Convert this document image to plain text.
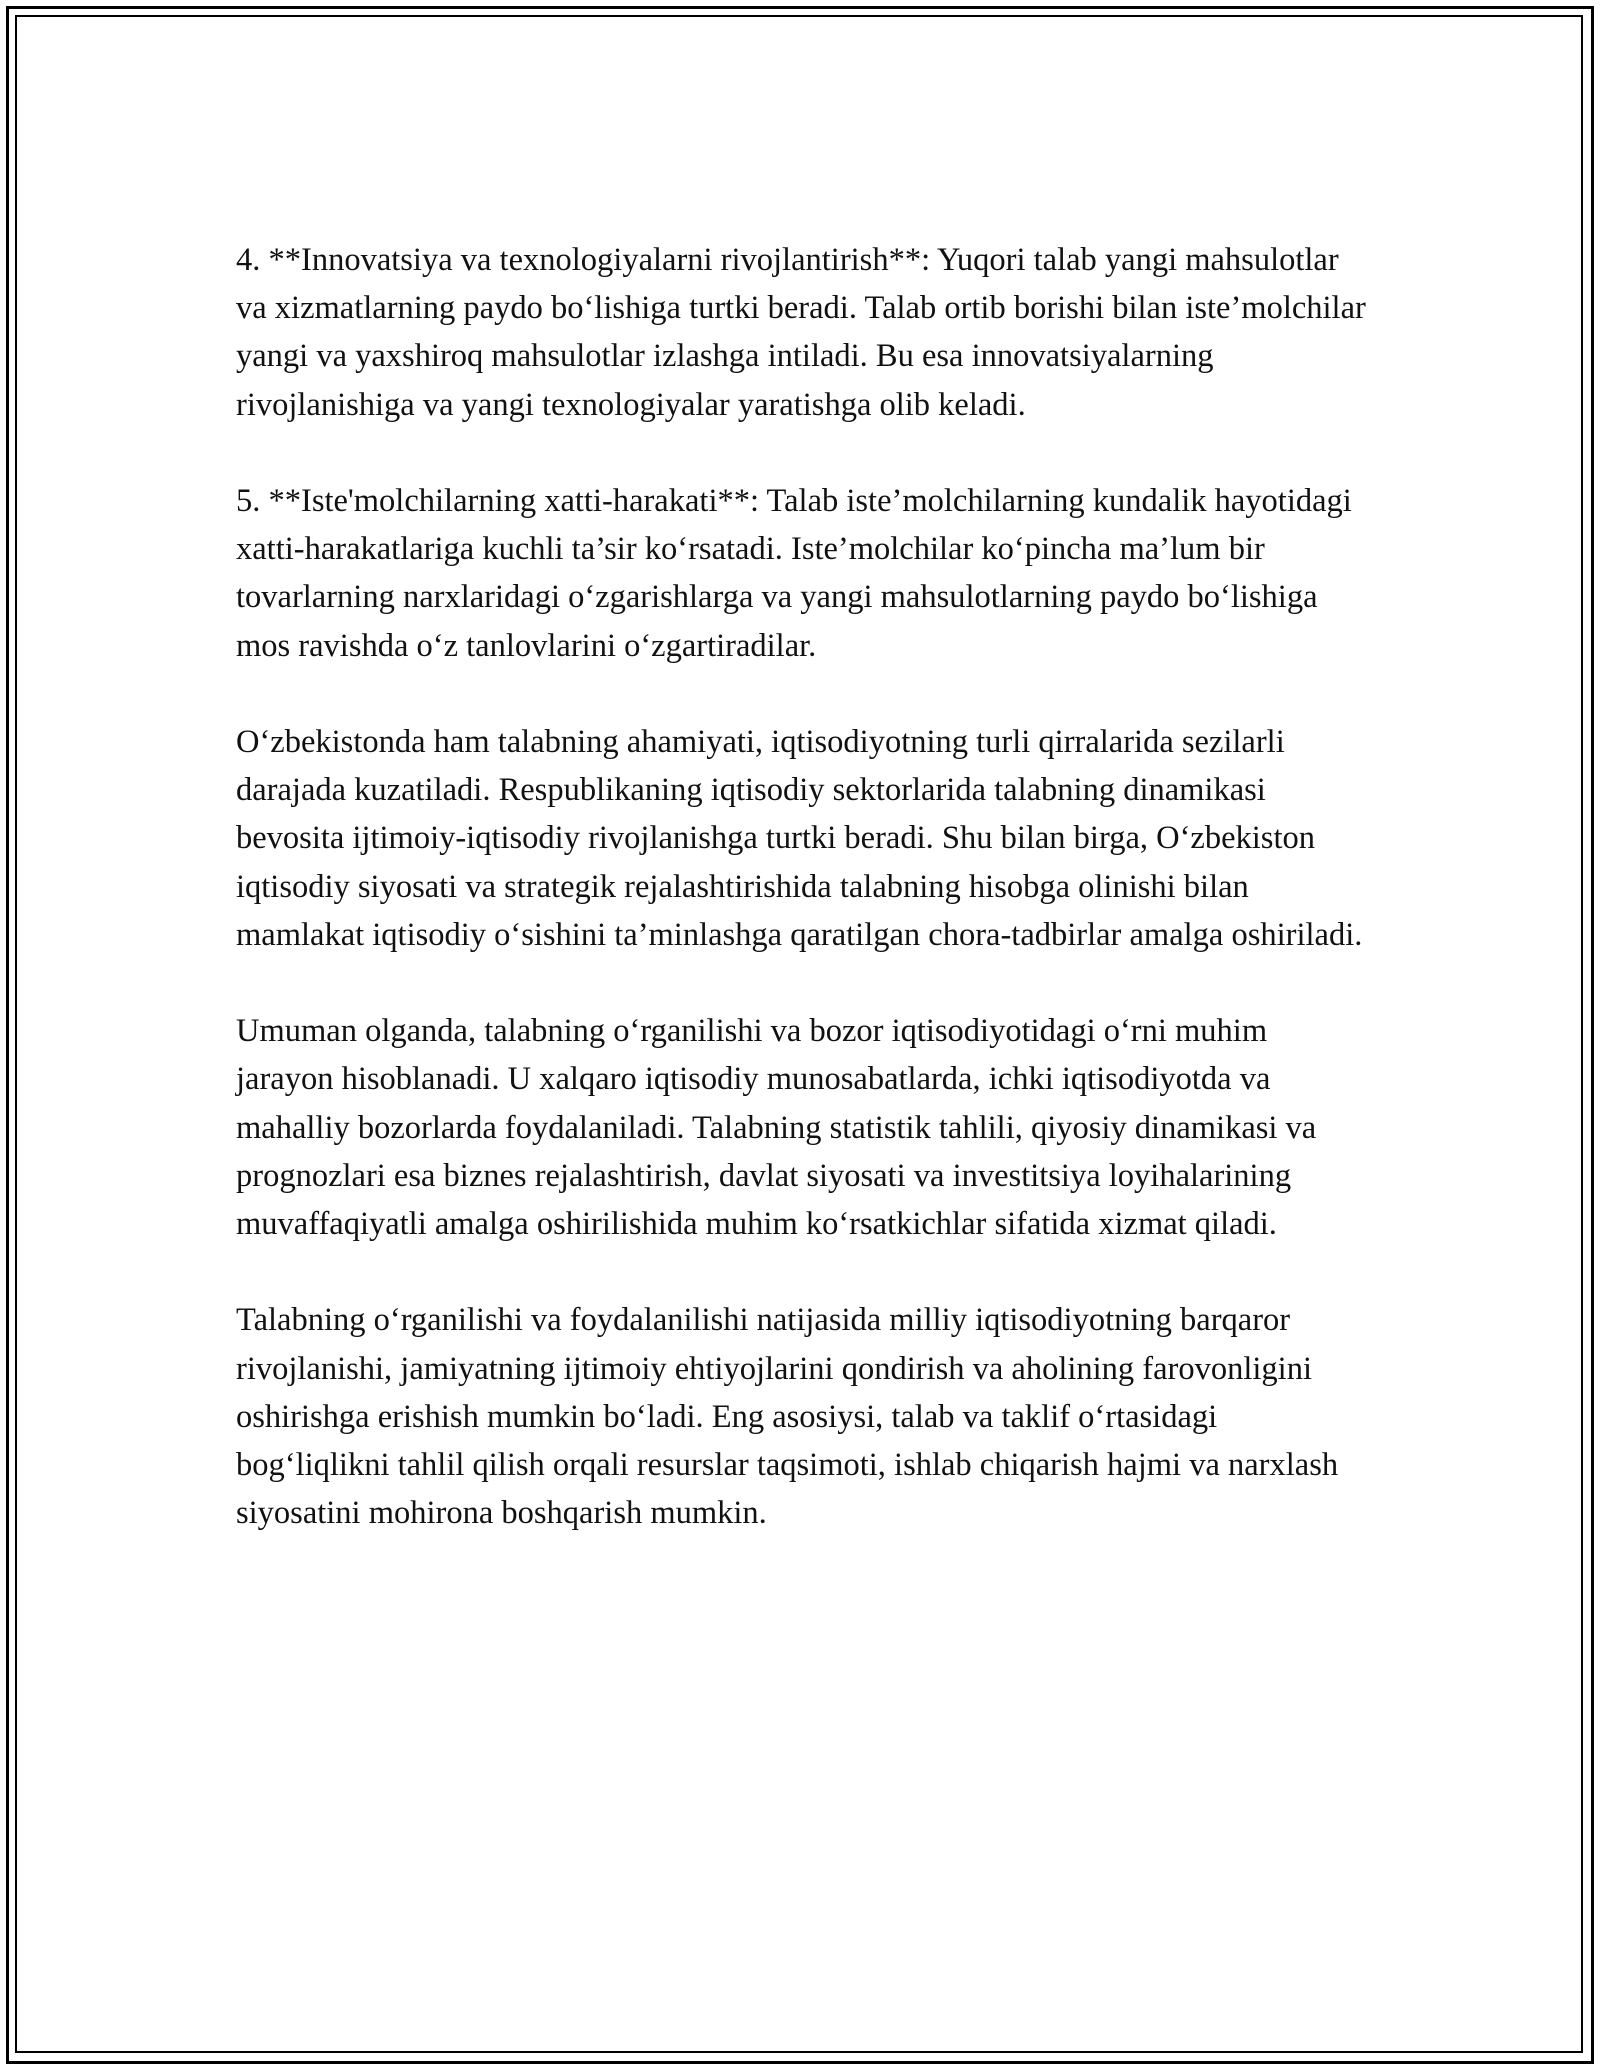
4. **Innovatsiya va texnologiyalarni rivojlantirish**: Yuqori talab yangi mahsulotlar va xizmatlarning paydo bo‘lishiga turtki beradi. Talab ortib borishi bilan iste’molchilar yangi va yaxshiroq mahsulotlar izlashga intiladi. Bu esa innovatsiyalarning rivojlanishiga va yangi texnologiyalar yaratishga olib keladi.

5. **Iste'molchilarning xatti-harakati**: Talab iste’molchilarning kundalik hayotidagi xatti-harakatlariga kuchli ta’sir ko‘rsatadi. Iste’molchilar ko‘pincha ma’lum bir tovarlarning narxlaridagi o‘zgarishlarga va yangi mahsulotlarning paydo bo‘lishiga mos ravishda o‘z tanlovlarini o‘zgartiradilar.

O‘zbekistonda ham talabning ahamiyati, iqtisodiyotning turli qirralarida sezilarli darajada kuzatiladi. Respublikaning iqtisodiy sektorlarida talabning dinamikasi bevosita ijtimoiy-iqtisodiy rivojlanishga turtki beradi. Shu bilan birga, O‘zbekiston iqtisodiy siyosati va strategik rejalashtirishida talabning hisobga olinishi bilan mamlakat iqtisodiy o‘sishini ta’minlashga qaratilgan chora-tadbirlar amalga oshiriladi.

Umuman olganda, talabning o‘rganilishi va bozor iqtisodiyotidagi o‘rni muhim jarayon hisoblanadi. U xalqaro iqtisodiy munosabatlarda, ichki iqtisodiyotda va mahalliy bozorlarda foydalaniladi. Talabning statistik tahlili, qiyosiy dinamikasi va prognozlari esa biznes rejalashtirish, davlat siyosati va investitsiya loyihalarining muvaffaqiyatli amalga oshirilishida muhim ko‘rsatkichlar sifatida xizmat qiladi.

Talabning o‘rganilishi va foydalanilishi natijasida milliy iqtisodiyotning barqaror rivojlanishi, jamiyatning ijtimoiy ehtiyojlarini qondirish va aholining farovonligini oshirishga erishish mumkin bo‘ladi. Eng asosiysi, talab va taklif o‘rtasidagi bog‘liqlikni tahlil qilish orqali resurslar taqsimoti, ishlab chiqarish hajmi va narxlash siyosatini mohirona boshqarish mumkin.
